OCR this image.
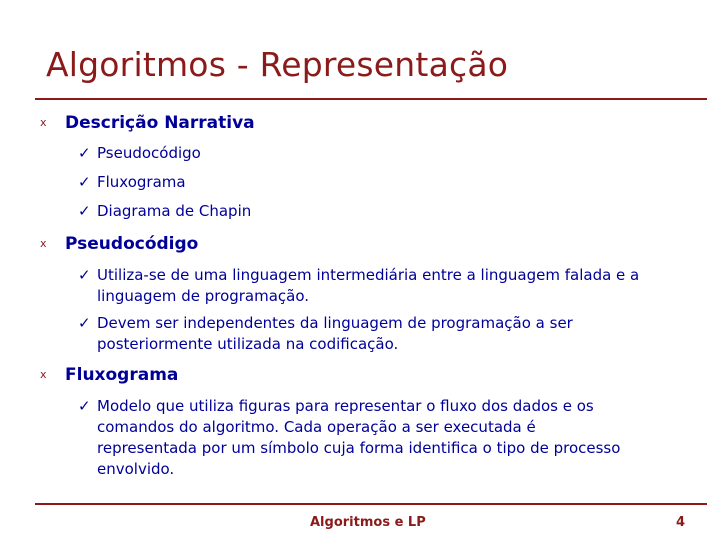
Algoritmos - Representação
x Descrição Narrativa
✓ Pseudocódigo
✓ Fluxograma
✓ Diagrama de Chapin
x Pseudocódigo
✓ Utiliza-se de uma linguagem intermediária entre a linguagem falada e a
linguagem de programação.
✓ Devem ser independentes da linguagem de programação a ser
posteriormente utilizada na codificação.
x Fluxograma
✓ Modelo que utiliza figuras para representar o fluxo dos dados e os
comandos do algoritmo. Cada operação a ser executada é
representada por um símbolo cuja forma identifica o tipo de processo
envolvido.
Algoritmos e LP	4
